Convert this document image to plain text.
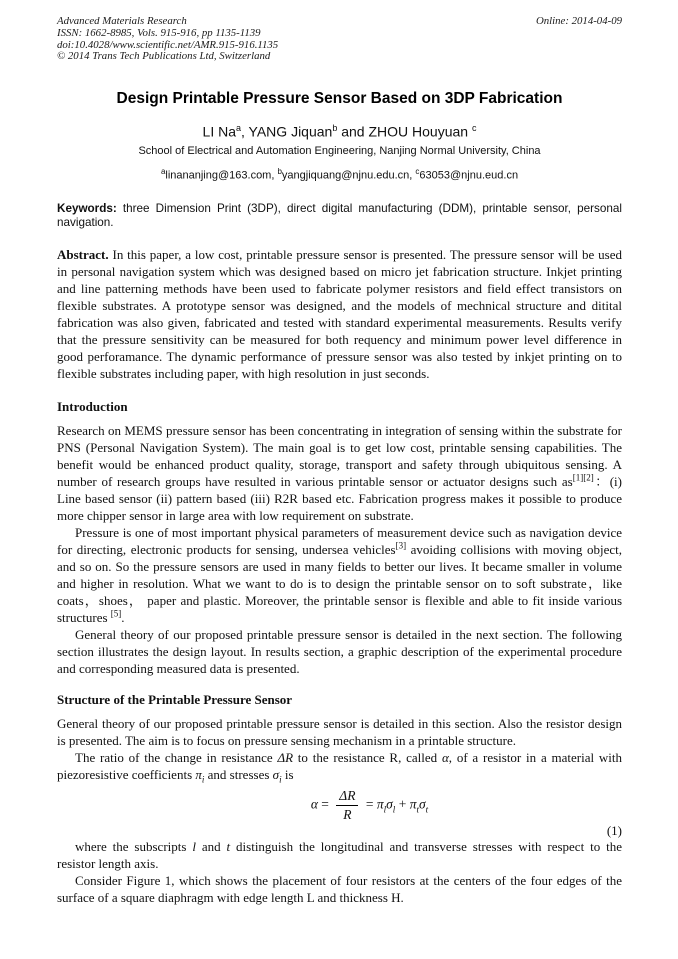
Advanced Materials Research
ISSN: 1662-8985, Vols. 915-916, pp 1135-1139
doi:10.4028/www.scientific.net/AMR.915-916.1135
© 2014 Trans Tech Publications Ltd, Switzerland
Online: 2014-04-09
Design Printable Pressure Sensor Based on 3DP Fabrication
LI Na$^a$, YANG Jiquan$^b$ and ZHOU Houyuan $^c$
School of Electrical and Automation Engineering, Nanjing Normal University, China
$^a$linananjing@163.com, $^b$yangjiquang@njnu.edu.cn, $^c$63053@njnu.eud.cn
Keywords: three Dimension Print (3DP), direct digital manufacturing (DDM), printable sensor, personal navigation.

Abstract. In this paper, a low cost, printable pressure sensor is presented. The pressure sensor will be used in personal navigation system which was designed based on micro jet fabrication structure. Inkjet printing and line patterning methods have been used to fabricate polymer resistors and field effect transistors on flexible substrates. A prototype sensor was designed, and the models of mechnical structure and ditital fabrication was also given, fabricated and tested with standard experimental measurements. Results verify that the pressure sensitivity can be measured for both requency and minimum power level difference in good perforamance. The dynamic performance of pressure sensor was also tested by inkjet printing on to flexible substrates including paper, with high resolution in just seconds.

Introduction

Research on MEMS pressure sensor has been concentrating in integration of sensing within the substrate for PNS (Personal Navigation System). The main goal is to get low cost, printable sensing capabilities. The benefit would be enhanced product quality, storage, transport and safety through ubiquitous sensing. A number of research groups have resulted in various printable sensor or actuator designs such as[1][2]：(i) Line based sensor (ii) pattern based (iii) R2R based etc. Fabrication progress makes it possible to produce more chipper sensor in large area with low requirement on substrate.

Pressure is one of most important physical parameters of measurement device such as navigation device for directing, electronic products for sensing, undersea vehicles[3] avoiding collisions with moving object, and so on. So the pressure sensors are used in many fields to better our lives. It became smaller in volume and higher in resolution. What we want to do is to design the printable sensor on to soft substrate，like coats，shoes， paper and plastic. Moreover, the printable sensor is flexible and able to fit inside various structures [5].

General theory of our proposed printable pressure sensor is detailed in the next section. The following section illustrates the design layout. In results section, a graphic description of the experimental procedure and corresponding measured data is presented.

Structure of the Printable Pressure Sensor

General theory of our proposed printable pressure sensor is detailed in this section. Also the resistor design is presented. The aim is to focus on pressure sensing mechanism in a printable structure.

The ratio of the change in resistance ΔR to the resistance R, called α, of a resistor in a material with piezoresistive coefficients $\pi_i$ and stresses $\sigma_i$ is

$\alpha = \frac{\Delta R}{R} = \pi_l\sigma_l + \pi_t\sigma_t$
(1)

where the subscripts l and t distinguish the longitudinal and transverse stresses with respect to the resistor length axis.

Consider Figure 1, which shows the placement of four resistors at the centers of the four edges of the surface of a square diaphragm with edge length L and thickness H.
